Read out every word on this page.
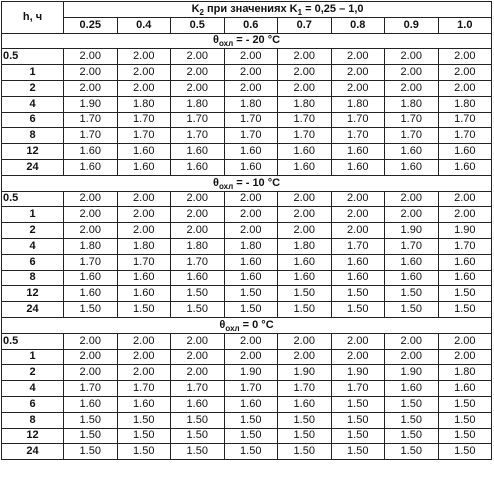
h, ч	$K_2$ при значениях $K_1 = 0,25 - 1,0$							
	0.25	0.4	0.5	0.6	0.7	0.8	0.9	1.0
$\theta_{охл}$ = - 20 °C								
0.5	2.00	2.00	2.00	2.00	2.00	2.00	2.00	2.00
1	2.00	2.00	2.00	2.00	2.00	2.00	2.00	2.00
2	2.00	2.00	2.00	2.00	2.00	2.00	2.00	2.00
4	1.90	1.80	1.80	1.80	1.80	1.80	1.80	1.80
6	1.70	1.70	1.70	1.70	1.70	1.70	1.70	1.70
8	1.70	1.70	1.70	1.70	1.70	1.70	1.70	1.70
12	1.60	1.60	1.60	1.60	1.60	1.60	1.60	1.60
24	1.60	1.60	1.60	1.60	1.60	1.60	1.60	1.60
$\theta_{охл}$ = - 10 °C								
0.5	2.00	2.00	2.00	2.00	2.00	2.00	2.00	2.00
1	2.00	2.00	2.00	2.00	2.00	2.00	2.00	2.00
2	2.00	2.00	2.00	2.00	2.00	2.00	1.90	1.90
4	1.80	1.80	1.80	1.80	1.80	1.70	1.70	1.70
6	1.70	1.70	1.70	1.60	1.60	1.60	1.60	1.60
8	1.60	1.60	1.60	1.60	1.60	1.60	1.60	1.60
12	1.60	1.60	1.50	1.50	1.50	1.50	1.50	1.50
24	1.50	1.50	1.50	1.50	1.50	1.50	1.50	1.50
$\theta_{охл} = 0$ °C								
0.5	2.00	2.00	2.00	2.00	2.00	2.00	2.00	2.00
1	2.00	2.00	2.00	2.00	2.00	2.00	2.00	2.00
2	2.00	2.00	2.00	1.90	1.90	1.90	1.90	1.80
4	1.70	1.70	1.70	1.70	1.70	1.70	1.60	1.60
6	1.60	1.60	1.60	1.60	1.60	1.50	1.50	1.50
8	1.50	1.50	1.50	1.50	1.50	1.50	1.50	1.50
12	1.50	1.50	1.50	1.50	1.50	1.50	1.50	1.50
24	1.50	1.50	1.50	1.50	1.50	1.50	1.50	1.50
